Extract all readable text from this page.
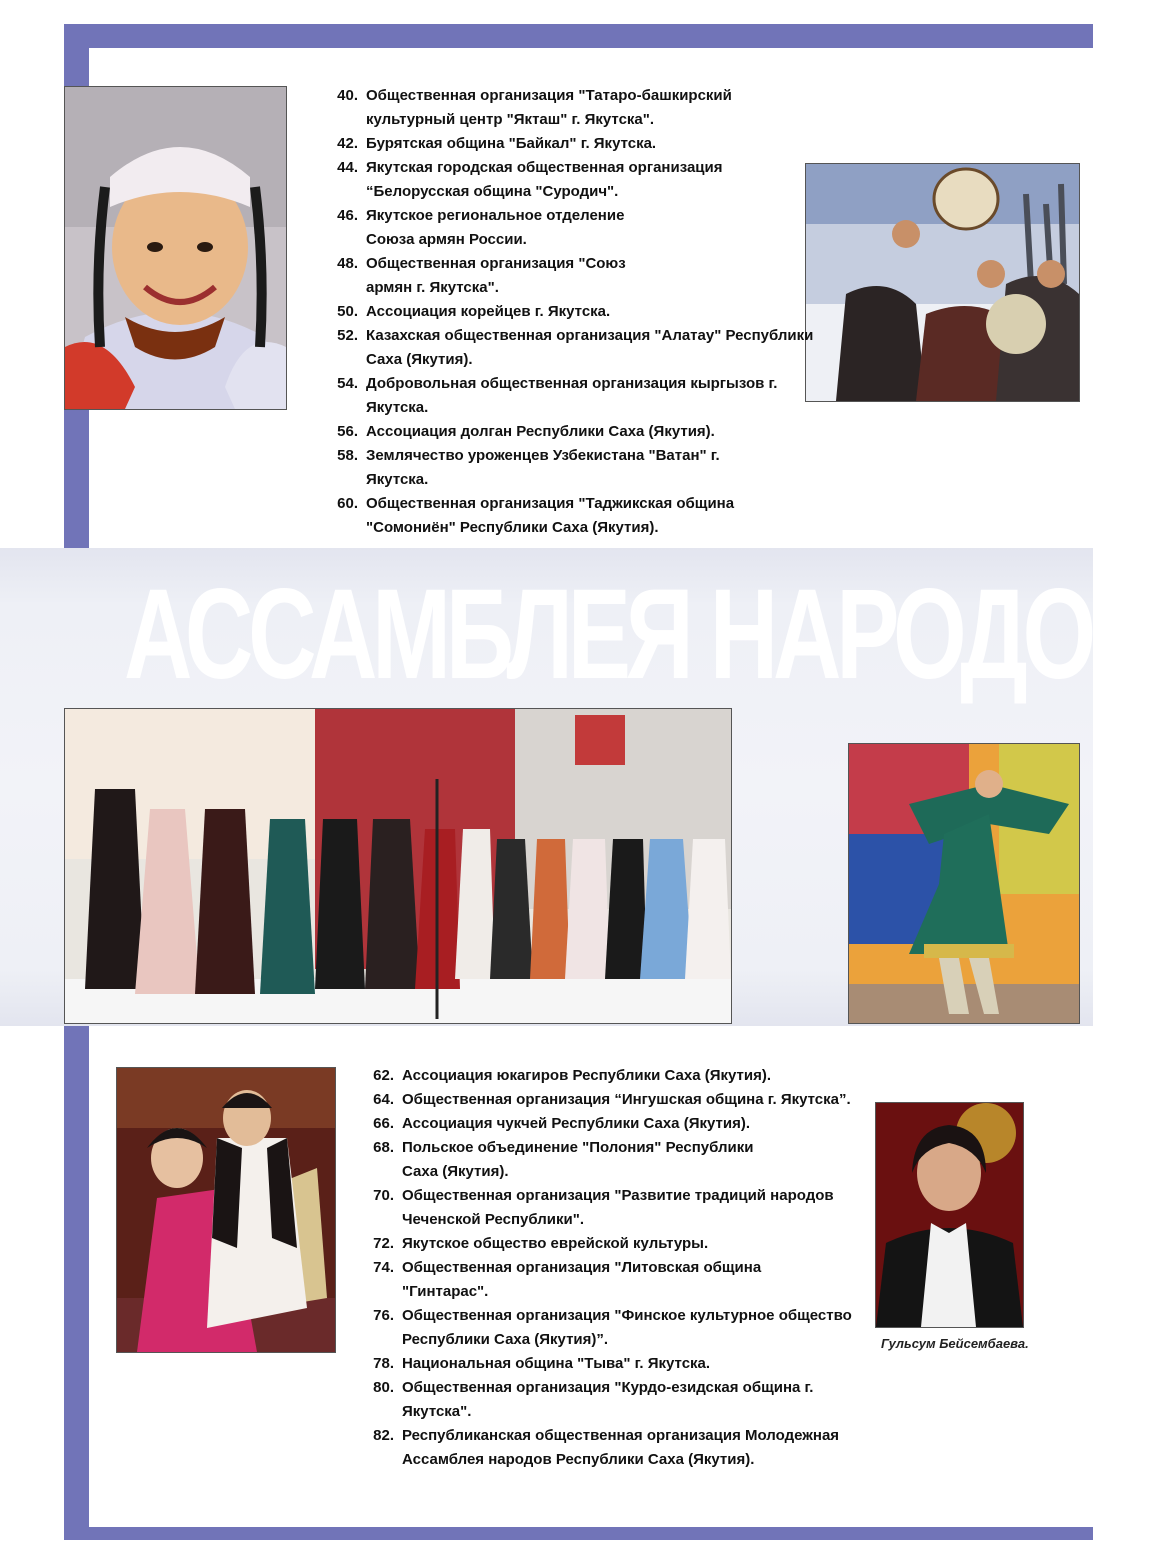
АССАМБЛЕЯ НАРОДОВ
40. Общественная организация "Татаро-башкирский культурный центр "Якташ" г. Якутска".
42. Бурятская община "Байкал" г. Якутска.
44. Якутская городская общественная организация “Белорусская община "Суродич".
46. Якутское региональное отделение Союза армян России.
48. Общественная организация "Союз армян г. Якутска".
50. Ассоциация корейцев г. Якутска.
52. Казахская общественная организация "Алатау" Республики Саха (Якутия).
54. Добровольная общественная организация кыргызов г. Якутска.
56. Ассоциация долган Республики Саха (Якутия).
58. Землячество уроженцев Узбекистана "Ватан" г. Якутска.
60. Общественная организация "Таджикская община "Сомониён" Республики Саха (Якутия).
62. Ассоциация юкагиров Республики Саха (Якутия).
64. Общественная организация “Ингушская община г. Якутска”.
66. Ассоциация чукчей Республики Саха (Якутия).
68. Польское объединение "Полония" Республики Саха (Якутия).
70. Общественная организация "Развитие традиций народов Чеченской Республики".
72. Якутское общество еврейской культуры.
74. Общественная организация "Литовская община "Гинтарас".
76. Общественная организация "Финское культурное общество Республики Саха (Якутия)”.
78. Национальная община "Тыва" г. Якутска.
80. Общественная организация "Курдо-езидская община г. Якутска".
82. Республиканская общественная организация Молодежная Ассамблея народов Республики Саха (Якутия).
Гульсум Бейсембаева.
